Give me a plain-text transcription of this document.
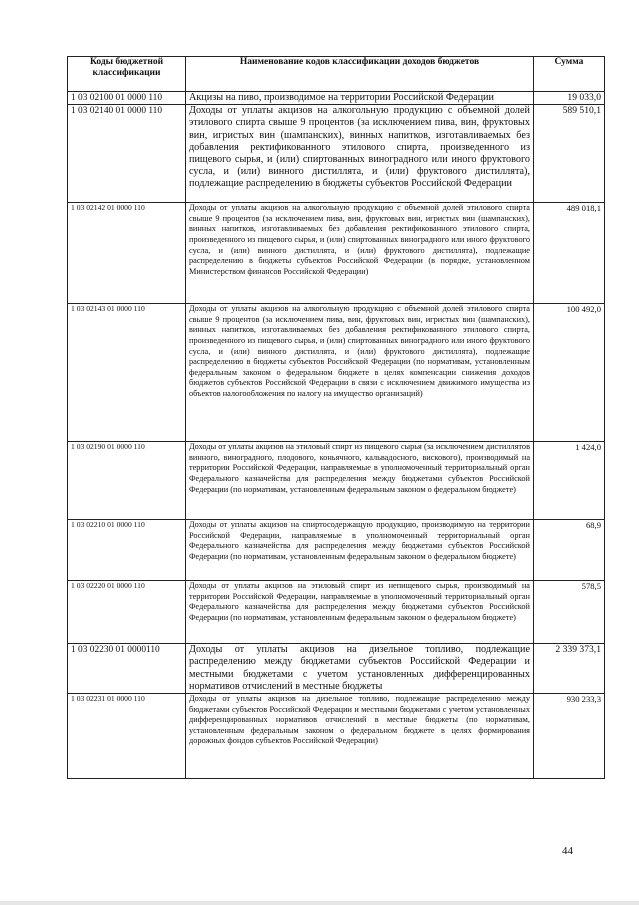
Коды бюджетной классификации	Наименование кодов классификации доходов бюджетов	Сумма
1 03 02100 01 0000 110	Акцизы на пиво, производимое на территории Российской Федерации	19 033,0
1 03 02140 01 0000 110	Доходы от уплаты акцизов на алкогольную продукцию с объемной долей этилового спирта свыше 9 процентов (за исключением пива, вин, фруктовых вин, игристых вин (шампанских), винных напитков, изготавливаемых без добавления ректификованного этилового спирта, произведенного из пищевого сырья, и (или) спиртованных виноградного или иного фруктового сусла, и (или) винного дистиллята, и (или) фруктового дистиллята), подлежащие распределению в бюджеты субъектов Российской Федерации	589 510,1
1 03 02142 01 0000 110	Доходы от уплаты акцизов на алкогольную продукцию с объемной долей этилового спирта свыше 9 процентов (за исключением пива, вин, фруктовых вин, игристых вин (шампанских), винных напитков, изготавливаемых без добавления ректификованного этилового спирта, произведенного из пищевого сырья, и (или) спиртованных виноградного или иного фруктового сусла, и (или) винного дистиллята, и (или) фруктового дистиллята), подлежащие распределению в бюджеты субъектов Российской Федерации (в порядке, установленном Министерством финансов Российской Федерации)	489 018,1
1 03 02143 01 0000 110	Доходы от уплаты акцизов на алкогольную продукцию с объемной долей этилового спирта свыше 9 процентов (за исключением пива, вин, фруктовых вин, игристых вин (шампанских), винных напитков, изготавливаемых без добавления ректификованного этилового спирта, произведенного из пищевого сырья, и (или) спиртованных виноградного или иного фруктового сусла, и (или) винного дистиллята, и (или) фруктового дистиллята), подлежащие распределению в бюджеты субъектов Российской Федерации (по нормативам, установленным федеральным законом о федеральном бюджете в целях компенсации снижения доходов бюджетов субъектов Российской Федерации в связи с исключением движимого имущества из объектов налогообложения по налогу на имущество организаций)	100 492,0
1 03 02190 01 0000 110	Доходы от уплаты акцизов на этиловый спирт из пищевого сырья (за исключением дистиллятов винного, виноградного, плодового, коньячного, кальвадосного, вискового), производимый на территории Российской Федерации, направляемые в уполномоченный территориальный орган Федерального казначейства для распределения между бюджетами субъектов Российской Федерации (по нормативам, установленным федеральным законом о федеральном бюджете)	1 424,0
1 03 02210 01 0000 110	Доходы от уплаты акцизов на спиртосодержащую продукцию, производимую на территории Российской Федерации, направляемые в уполномоченный территориальный орган Федерального казначейства для распределения между бюджетами субъектов Российской Федерации (по нормативам, установленным федеральным законом о федеральном бюджете)	68,9
1 03 02220 01 0000 110	Доходы от уплаты акцизов на этиловый спирт из непищевого сырья, производимый на территории Российской Федерации, направляемые в уполномоченный территориальный орган Федерального казначейства для распределения между бюджетами субъектов Российской Федерации (по нормативам, установленным федеральным законом о федеральном бюджете)	578,5
1 03 02230 01 0000110	Доходы от уплаты акцизов на дизельное топливо, подлежащие распределению между бюджетами субъектов Российской Федерации и местными бюджетами с учетом установленных дифференцированных нормативов отчислений в местные бюджеты	2 339 373,1
1 03 02231 01 0000 110	Доходы от уплаты акцизов на дизельное топливо, подлежащие распределению между бюджетами субъектов Российской Федерации и местными бюджетами с учетом установленных дифференцированных нормативов отчислений в местные бюджеты (по нормативам, установленным федеральным законом о федеральном бюджете в целях формирования дорожных фондов субъектов Российской Федерации)	930 233,3
44
